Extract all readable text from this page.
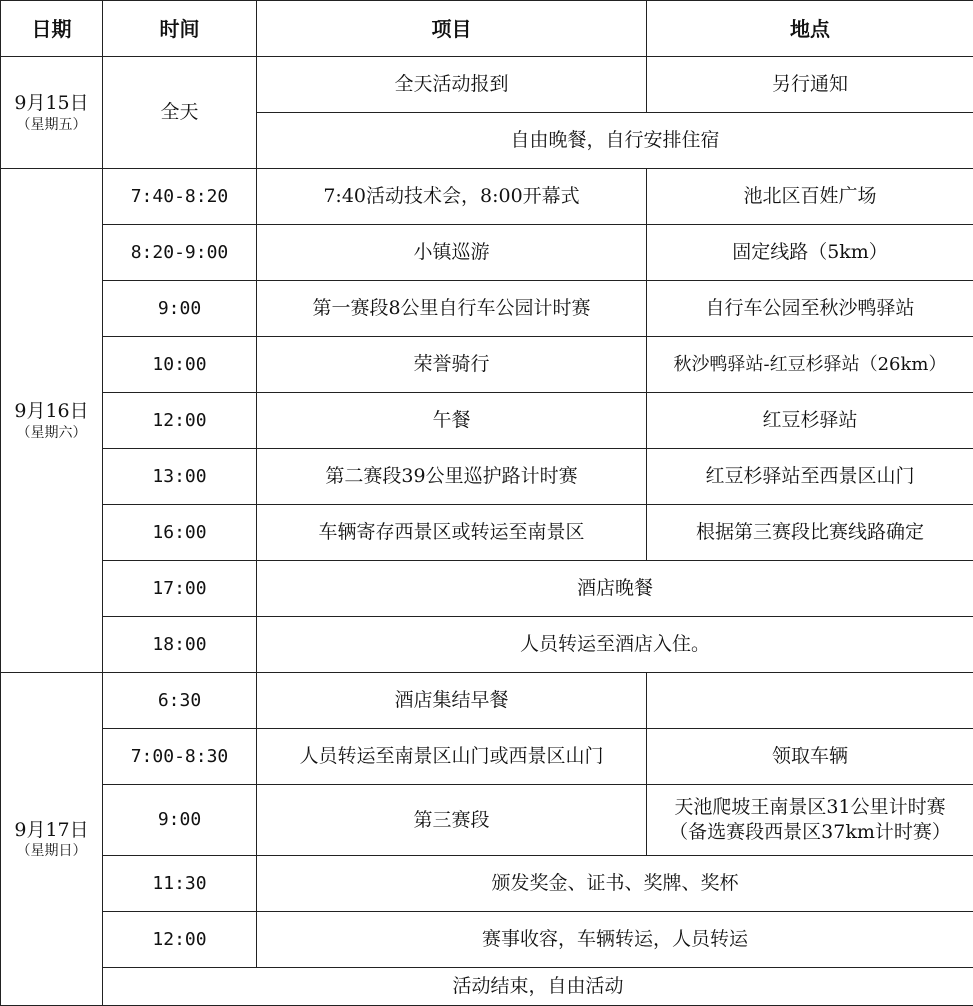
日期	时间	项目	地点

9月15日
（星期五）	全天	全天活动报到	另行通知
		自由晚餐，自行安排住宿	

9月16日
（星期六）	7:40-8:20	7:40活动技术会，8:00开幕式	池北区百姓广场
	8:20-9:00	小镇巡游	固定线路（5km）
	9:00	第一赛段8公里自行车公园计时赛	自行车公园至秋沙鸭驿站
	10:00	荣誉骑行	秋沙鸭驿站-红豆杉驿站（26km）
	12:00	午餐	红豆杉驿站
	13:00	第二赛段39公里巡护路计时赛	红豆杉驿站至西景区山门
	16:00	车辆寄存西景区或转运至南景区	根据第三赛段比赛线路确定
	17:00	酒店晚餐	
	18:00	人员转运至酒店入住。	

9月17日
（星期日）	6:30	酒店集结早餐	
	7:00-8:30	人员转运至南景区山门或西景区山门	领取车辆
	9:00	第三赛段	天池爬坡王南景区31公里计时赛
（备选赛段西景区37km计时赛）

	11:30	颁发奖金、证书、奖牌、奖杯	
	12:00	赛事收容，车辆转运，人员转运	
	活动结束，自由活动		
